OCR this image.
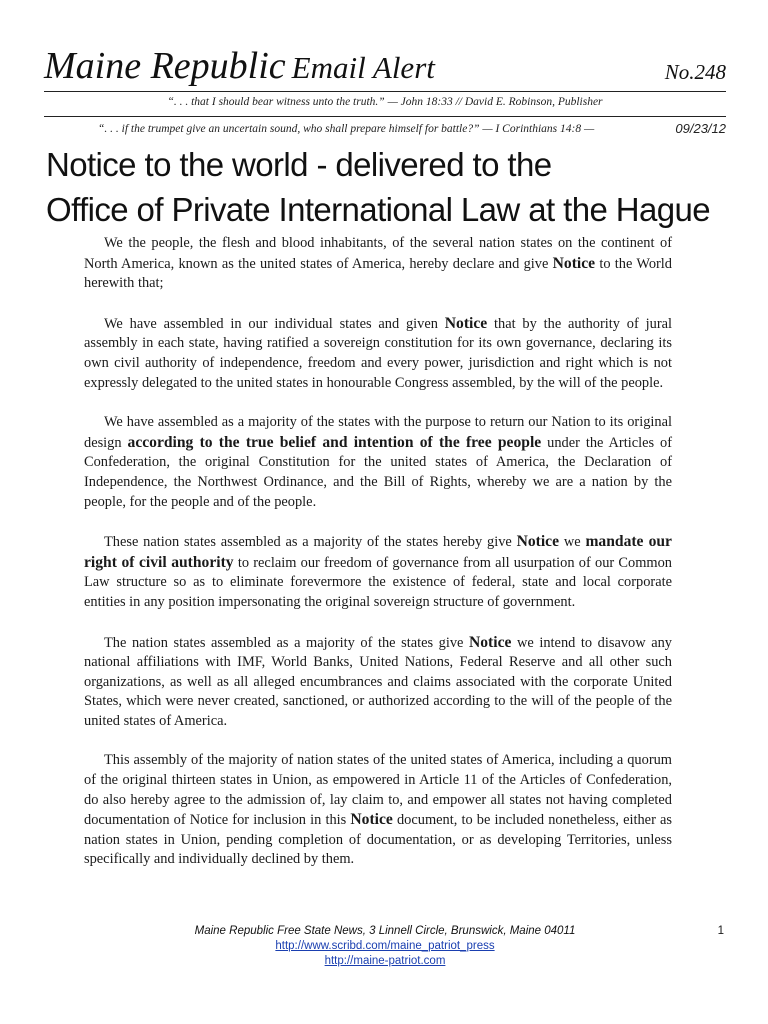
Maine Republic Email Alert	No.248
“. . . that I should bear witness unto the truth.” — John 18:33 // David E. Robinson, Publisher
“. . . if the trumpet give an uncertain sound, who shall prepare himself for battle?” — I Corinthians 14:8 —	09/23/12
Notice to the world - delivered to the
Office of Private International Law at the Hague

We the people, the flesh and blood inhabitants, of the several nation states on the continent of North America, known as the united states of America, hereby declare and give Notice to the World herewith that;

We have assembled in our individual states and given Notice that by the authority of jural assembly in each state, having ratified a sovereign constitution for its own governance, declaring its own civil authority of independence, freedom and every power, jurisdiction and right which is not expressly delegated to the united states in honourable Congress assembled, by the will of the people.

We have assembled as a majority of the states with the purpose to return our Nation to its original design according to the true belief and intention of the free people under the Articles of Confederation, the original Constitution for the united states of America, the Declaration of Independence, the Northwest Ordinance, and the Bill of Rights, whereby we are a nation by the people, for the people and of the people.

These nation states assembled as a majority of the states hereby give Notice we mandate our right of civil authority to reclaim our freedom of governance from all usurpation of our Common Law structure so as to eliminate forevermore the existence of federal, state and local corporate entities in any position impersonating the original sovereign structure of government.

The nation states assembled as a majority of the states give Notice we intend to disavow any national affiliations with IMF, World Banks, United Nations, Federal Reserve and all other such organizations, as well as all alleged encumbrances and claims associated with the corporate United States, which were never created, sanctioned, or authorized according to the will of the people of the united states of America.

This assembly of the majority of nation states of the united states of America, including a quorum of the original thirteen states in Union, as empowered in Article 11 of the Articles of Confederation, do also hereby agree to the admission of, lay claim to, and empower all states not having completed documentation of Notice for inclusion in this Notice document, to be included nonetheless, either as nation states in Union, pending completion of documentation, or as developing Territories, unless specifically and individually declined by them.

Maine Republic Free State News, 3 Linnell Circle, Brunswick, Maine 04011
http://www.scribd.com/maine_patriot_press
http://maine-patriot.com
1
